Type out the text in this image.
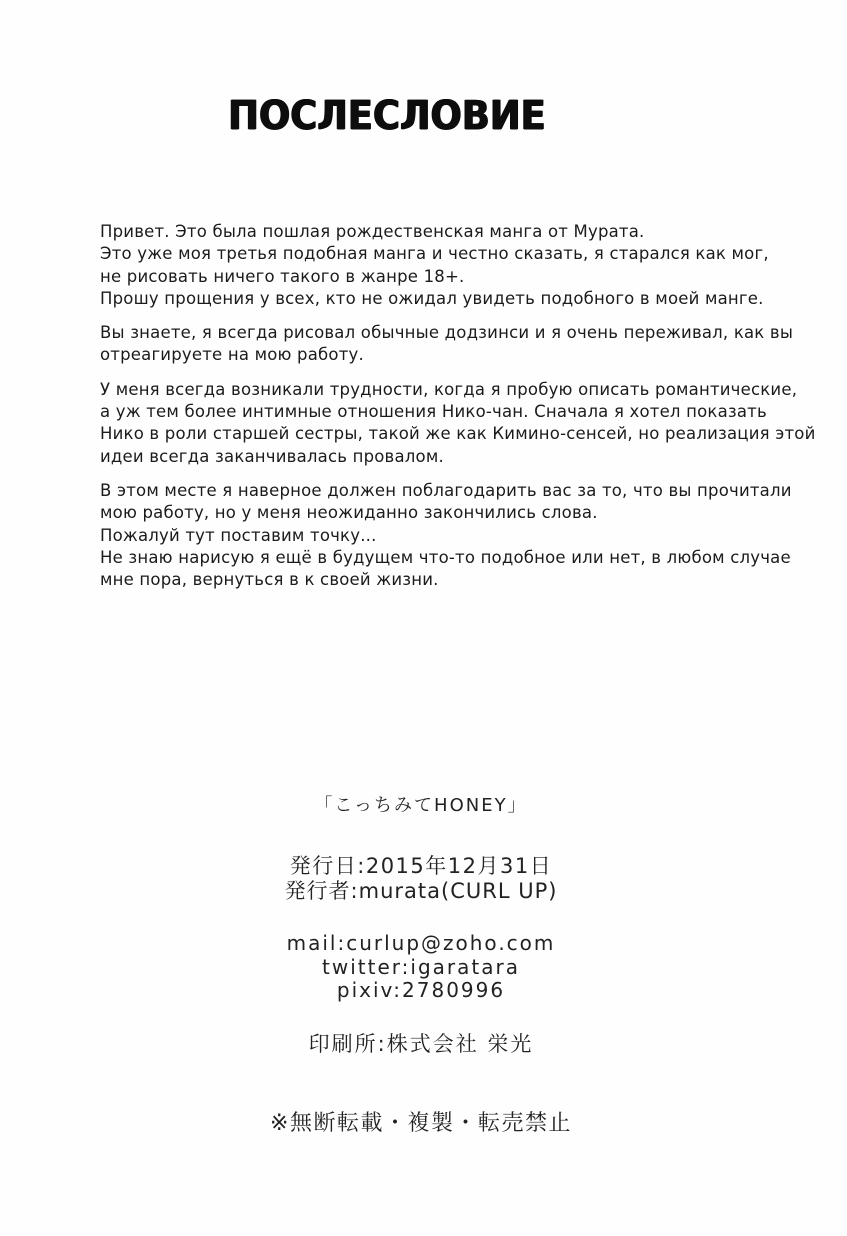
ПОСЛЕСЛОВИЕ

Привет. Это была пошлая рождественская манга от Мурата.
Это уже моя третья подобная манга и честно сказать, я старался как мог,
не рисовать ничего такого в жанре 18+.
Прошу прощения у всех, кто не ожидал увидеть подобного в моей манге.

Вы знаете, я всегда рисовал обычные додзинси и я очень переживал, как вы
отреагируете на мою работу.

У меня всегда возникали трудности, когда я пробую описать романтические,
а уж тем более интимные отношения Нико-чан. Сначала я хотел показать
Нико в роли старшей сестры, такой же как Кимино-сенсей, но реализация этой
идеи всегда заканчивалась провалом.

В этом месте я наверное должен поблагодарить вас за то, что вы прочитали
мою работу, но у меня неожиданно закончились слова.
Пожалуй тут поставим точку...
Не знаю нарисую я ещё в будущем что-то подобное или нет, в любом случае
мне пора, вернуться в к своей жизни.

「こっちみてHONEY」
発行日:2015年12月31日
発行者:murata(CURL UP)
mail:curlup@zoho.com
twitter:igaratara
pixiv:2780996
印刷所:株式会社 栄光
※無断転載・複製・転売禁止
